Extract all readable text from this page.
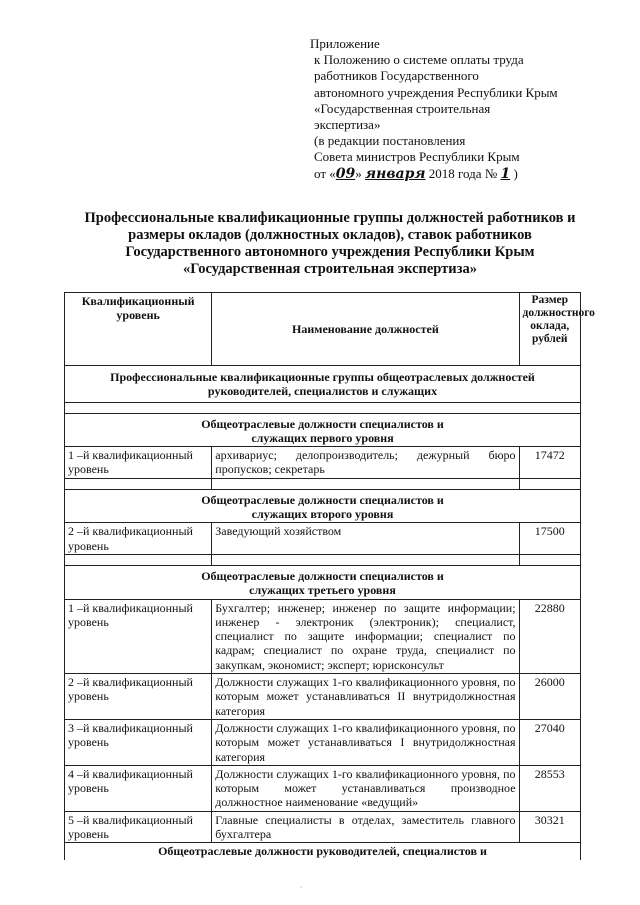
Приложение
к Положению о системе оплаты труда
работников Государственного
автономного учреждения Республики Крым
«Государственная строительная
экспертиза»
(в редакции постановления
Совета министров Республики Крым
от «09» января 2018 года № 1 )
Профессиональные квалификационные группы должностей работников и
размеры окладов (должностных окладов), ставок работников
Государственного автономного учреждения Республики Крым
«Государственная строительная экспертиза»
Квалификационный уровень	Наименование должностей	Размер должностного оклада, рублей
Профессиональные квалификационные группы общеотраслевых должностей руководителей, специалистов и служащих		

Общеотраслевые должности специалистов и служащих первого уровня		
1 –й квалификационный уровень	архивариус; делопроизводитель; дежурный бюро пропусков; секретарь	17472

Общеотраслевые должности специалистов и служащих второго уровня		
2 –й квалификационный уровень	Заведующий хозяйством	17500

Общеотраслевые должности специалистов и служащих третьего уровня		
1 –й квалификационный уровень	Бухгалтер; инженер; инженер по защите информации; инженер - электроник (электроник); специалист, специалист по защите информации; специалист по кадрам; специалист по охране труда, специалист по закупкам, экономист; эксперт; юрисконсульт	22880
2 –й квалификационный уровень	Должности служащих 1-го квалификационного уровня, по которым может устанавливаться II внутридолжностная категория	26000
3 –й квалификационный уровень	Должности служащих 1-го квалификационного уровня, по которым может устанавливаться I внутридолжностная категория	27040
4 –й квалификационный уровень	Должности служащих 1-го квалификационного уровня, по которым может устанавливаться производное должностное наименование «ведущий»	28553
5 –й квалификационный уровень	Главные специалисты в отделах, заместитель главного бухгалтера	30321
Общеотраслевые должности руководителей, специалистов и		
·
